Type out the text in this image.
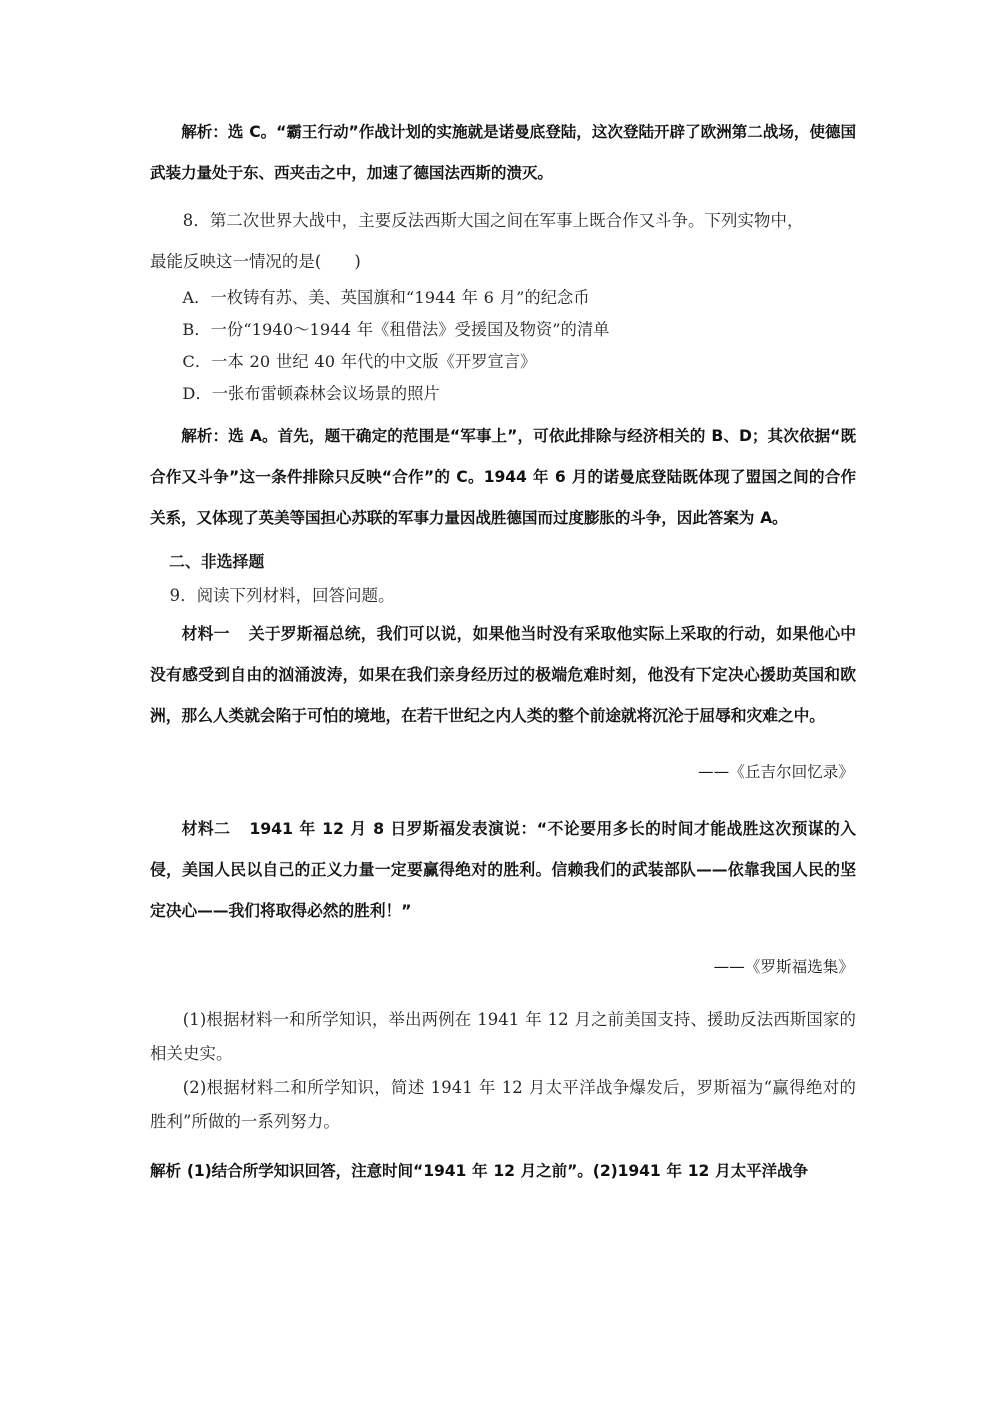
解析：选 C。“霸王行动”作战计划的实施就是诺曼底登陆，这次登陆开辟了欧洲第二战场，使德国武装力量处于东、西夹击之中，加速了德国法西斯的溃灭。

8．第二次世界大战中，主要反法西斯大国之间在军事上既合作又斗争。下列实物中，

最能反映这一情况的是(　　)

A．一枚铸有苏、美、英国旗和“1944 年 6 月”的纪念币

B．一份“1940～1944 年《租借法》受援国及物资”的清单

C．一本 20 世纪 40 年代的中文版《开罗宣言》

D．一张布雷顿森林会议场景的照片

解析：选 A。首先，题干确定的范围是“军事上”，可依此排除与经济相关的 B、D；其次依据“既合作又斗争”这一条件排除只反映“合作”的 C。1944 年 6 月的诺曼底登陆既体现了盟国之间的合作关系，又体现了英美等国担心苏联的军事力量因战胜德国而过度膨胀的斗争，因此答案为 A。

二、非选择题

9．阅读下列材料，回答问题。

材料一 关于罗斯福总统，我们可以说，如果他当时没有采取他实际上采取的行动，如果他心中没有感受到自由的汹涌波涛，如果在我们亲身经历过的极端危难时刻，他没有下定决心援助英国和欧洲，那么人类就会陷于可怕的境地，在若干世纪之内人类的整个前途就将沉沦于屈辱和灾难之中。

——《丘吉尔回忆录》

材料二 1941 年 12 月 8 日罗斯福发表演说：“不论要用多长的时间才能战胜这次预谋的入侵，美国人民以自己的正义力量一定要赢得绝对的胜利。信赖我们的武装部队——依靠我国人民的坚定决心——我们将取得必然的胜利！”

——《罗斯福选集》

(1)根据材料一和所学知识，举出两例在 1941 年 12 月之前美国支持、援助反法西斯国家的相关史实。

(2)根据材料二和所学知识，简述 1941 年 12 月太平洋战争爆发后，罗斯福为“赢得绝对的胜利”所做的一系列努力。

解析 (1)结合所学知识回答，注意时间“1941 年 12 月之前”。(2)1941 年 12 月太平洋战争
